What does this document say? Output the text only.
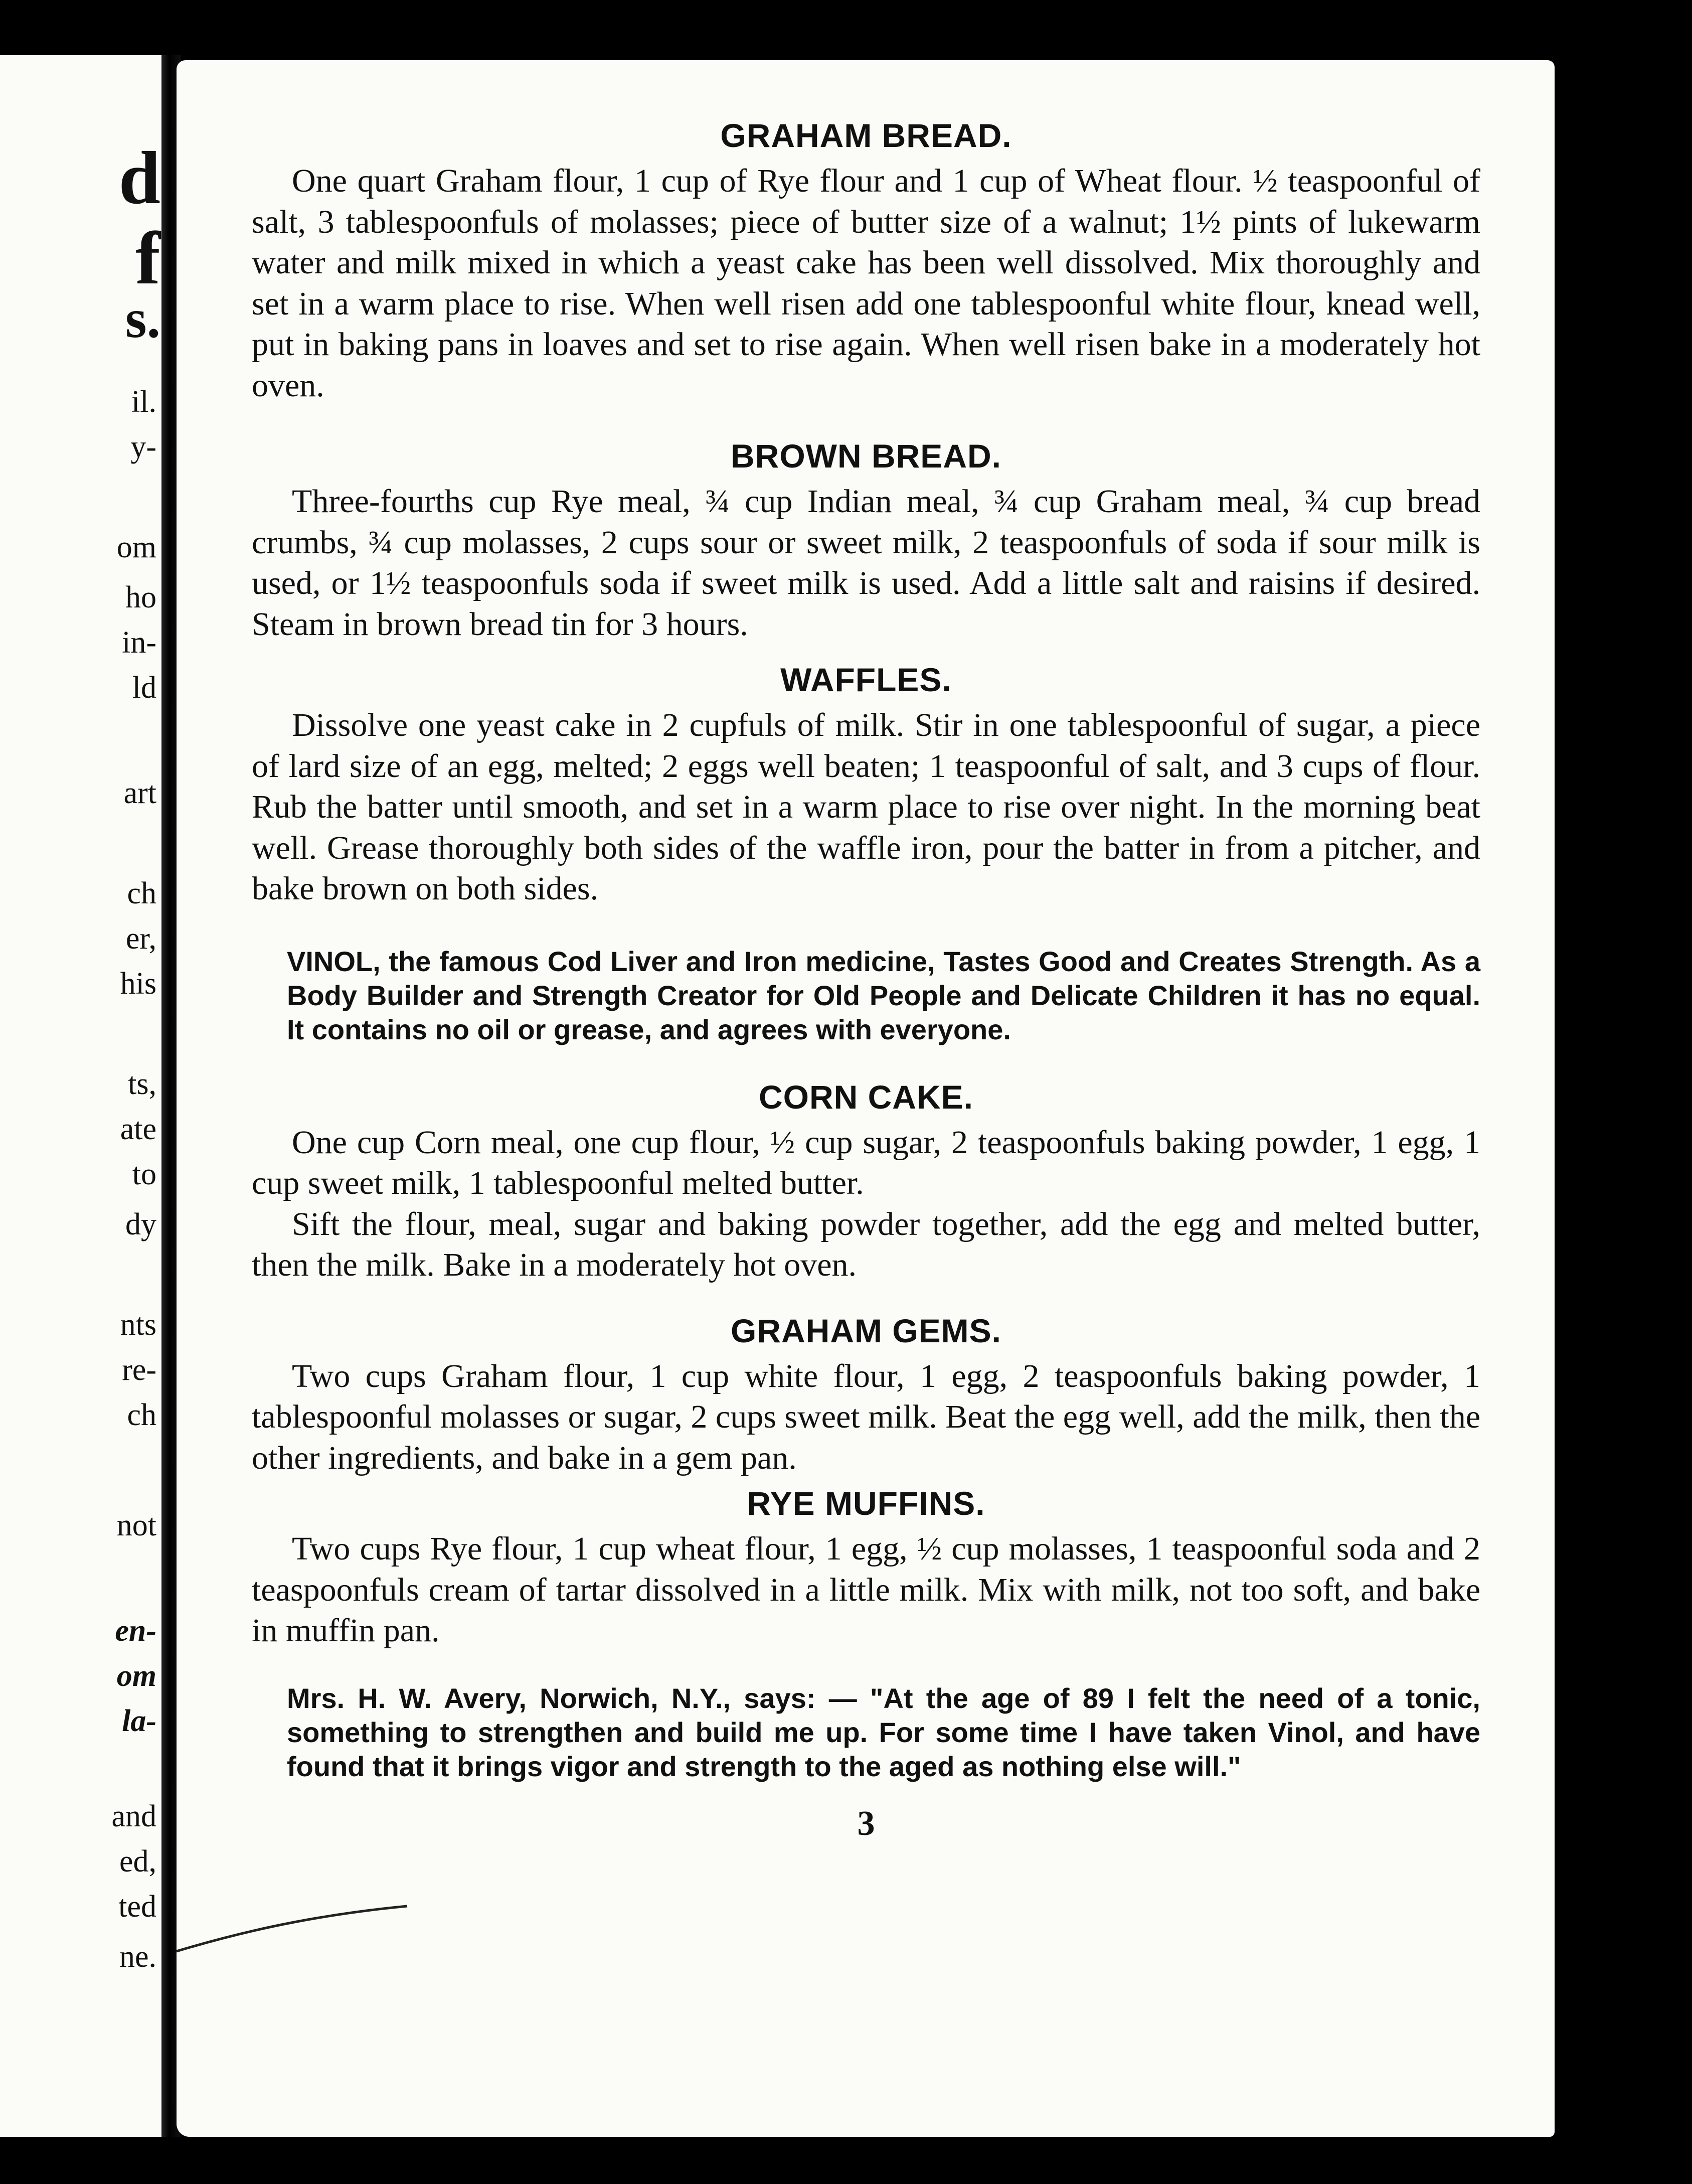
d
f
s.
il.
y-
om
ho
in-
ld
art
ch
er,
his
ts,
ate
to
dy
nts
re-
ch
not
en-
om
la-
and
ed,
ted
ne.

GRAHAM BREAD.

One quart Graham flour, 1 cup of Rye flour and 1 cup of Wheat flour. ½ teaspoonful of salt, 3 tablespoonfuls of molasses; piece of butter size of a walnut; 1½ pints of lukewarm water and milk mixed in which a yeast cake has been well dissolved. Mix thoroughly and set in a warm place to rise. When well risen add one tablespoonful white flour, knead well, put in baking pans in loaves and set to rise again. When well risen bake in a moderately hot oven.

BROWN BREAD.

Three-fourths cup Rye meal, ¾ cup Indian meal, ¾ cup Graham meal, ¾ cup bread crumbs, ¾ cup molasses, 2 cups sour or sweet milk, 2 teaspoonfuls of soda if sour milk is used, or 1½ teaspoonfuls soda if sweet milk is used. Add a little salt and raisins if desired. Steam in brown bread tin for 3 hours.

WAFFLES.

Dissolve one yeast cake in 2 cupfuls of milk. Stir in one tablespoonful of sugar, a piece of lard size of an egg, melted; 2 eggs well beaten; 1 teaspoonful of salt, and 3 cups of flour. Rub the batter until smooth, and set in a warm place to rise over night. In the morning beat well. Grease thoroughly both sides of the waffle iron, pour the batter in from a pitcher, and bake brown on both sides.

VINOL, the famous Cod Liver and Iron medicine, Tastes Good and Creates Strength. As a Body Builder and Strength Creator for Old People and Delicate Children it has no equal. It contains no oil or grease, and agrees with everyone.

CORN CAKE.

One cup Corn meal, one cup flour, ½ cup sugar, 2 teaspoonfuls baking powder, 1 egg, 1 cup sweet milk, 1 tablespoonful melted butter.

Sift the flour, meal, sugar and baking powder together, add the egg and melted butter, then the milk. Bake in a moderately hot oven.

GRAHAM GEMS.

Two cups Graham flour, 1 cup white flour, 1 egg, 2 teaspoonfuls baking powder, 1 tablespoonful molasses or sugar, 2 cups sweet milk. Beat the egg well, add the milk, then the other ingredients, and bake in a gem pan.

RYE MUFFINS.

Two cups Rye flour, 1 cup wheat flour, 1 egg, ½ cup molasses, 1 teaspoonful soda and 2 teaspoonfuls cream of tartar dissolved in a little milk. Mix with milk, not too soft, and bake in muffin pan.

Mrs. H. W. Avery, Norwich, N.Y., says: — "At the age of 89 I felt the need of a tonic, something to strengthen and build me up. For some time I have taken Vinol, and have found that it brings vigor and strength to the aged as nothing else will."

3
